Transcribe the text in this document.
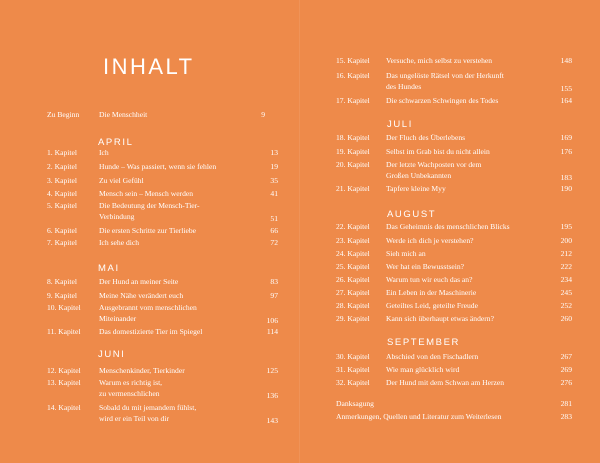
INHALT
Zu Beginn	Die Menschheit	9
APRIL
MAI
JUNI
1. Kapitel	Ich	13
2. Kapitel	Hunde – Was passiert, wenn sie fehlen	19
3. Kapitel	Zu viel Gefühl	35
4. Kapitel	Mensch sein – Mensch werden	41
5. Kapitel	Die Bedeutung der Mensch-Tier-
Verbindung	51
6. Kapitel	Die ersten Schritte zur Tierliebe	66
7. Kapitel	Ich sehe dich	72
8. Kapitel	Der Hund an meiner Seite	83
9. Kapitel	Meine Nähe verändert euch	97
10. Kapitel Ausgebrannt vom menschlichen
Miteinander	106
11. Kapitel Das domestizierte Tier im Spiegel	114
12. Kapitel Menschenkinder, Tierkinder	125
13. Kapitel Warum es richtig ist,
zu vermenschlichen	136
14. Kapitel Sobald du mit jemandem fühlst,
wird er ein Teil von dir	143
JULI
AUGUST
SEPTEMBER
15. Kapitel Versuche, mich selbst zu verstehen	148
16. Kapitel Das ungelöste Rätsel von der Herkunft
des Hundes	155
17. Kapitel Die schwarzen Schwingen des Todes	164
18. Kapitel Der Fluch des Überlebens	169
19. Kapitel Selbst im Grab bist du nicht allein	176
20. Kapitel Der letzte Wachposten vor dem
Großen Unbekannten	183
21. Kapitel Tapfere kleine Myy	190
22. Kapitel Das Geheimnis des menschlichen Blicks	195
23. Kapitel Werde ich dich je verstehen?	200
24. Kapitel Sieh mich an	212
25. Kapitel Wer hat ein Bewusstsein?	222
26. Kapitel Warum tun wir euch das an?	234
27. Kapitel Ein Leben in der Maschinerie	245
28. Kapitel Geteiltes Leid, geteilte Freude	252
29. Kapitel Kann sich überhaupt etwas ändern?	260
30. Kapitel Abschied von den Fischadlern	267
31. Kapitel Wie man glücklich wird	269
32. Kapitel Der Hund mit dem Schwan am Herzen	276
Danksagung	281
Anmerkungen, Quellen und Literatur zum Weiterlesen	283
